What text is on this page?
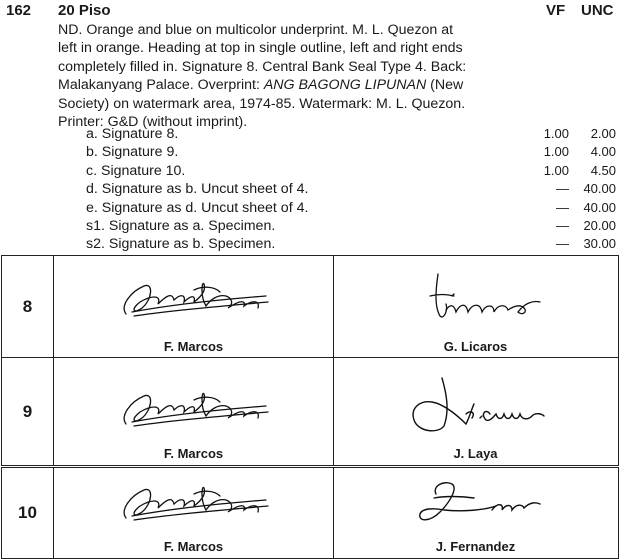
162 20 Piso	VF UNC
ND. Orange and blue on multicolor underprint. M. L. Quezon at
left in orange. Heading at top in single outline, left and right ends
completely filled in. Signature 8. Central Bank Seal Type 4. Back:
Malakanyang Palace. Overprint: ANG BAGONG LIPUNAN (New
Society) on watermark area, 1974-85. Watermark: M. L. Quezon.
Printer: G&D (without imprint).
a. Signature 8.	1.00 2.00
b. Signature 9.	1.00 4.00
c. Signature 10.	1.00 4.50
d. Signature as b. Uncut sheet of 4.	— 40.00
e. Signature as d. Uncut sheet of 4.	— 40.00
s1. Signature as a. Specimen.	— 20.00
s2. Signature as b. Specimen.	— 30.00
8
F. Marcos	G. Licaros
9
F. Marcos	J. Laya
10
F. Marcos	J. Fernandez
